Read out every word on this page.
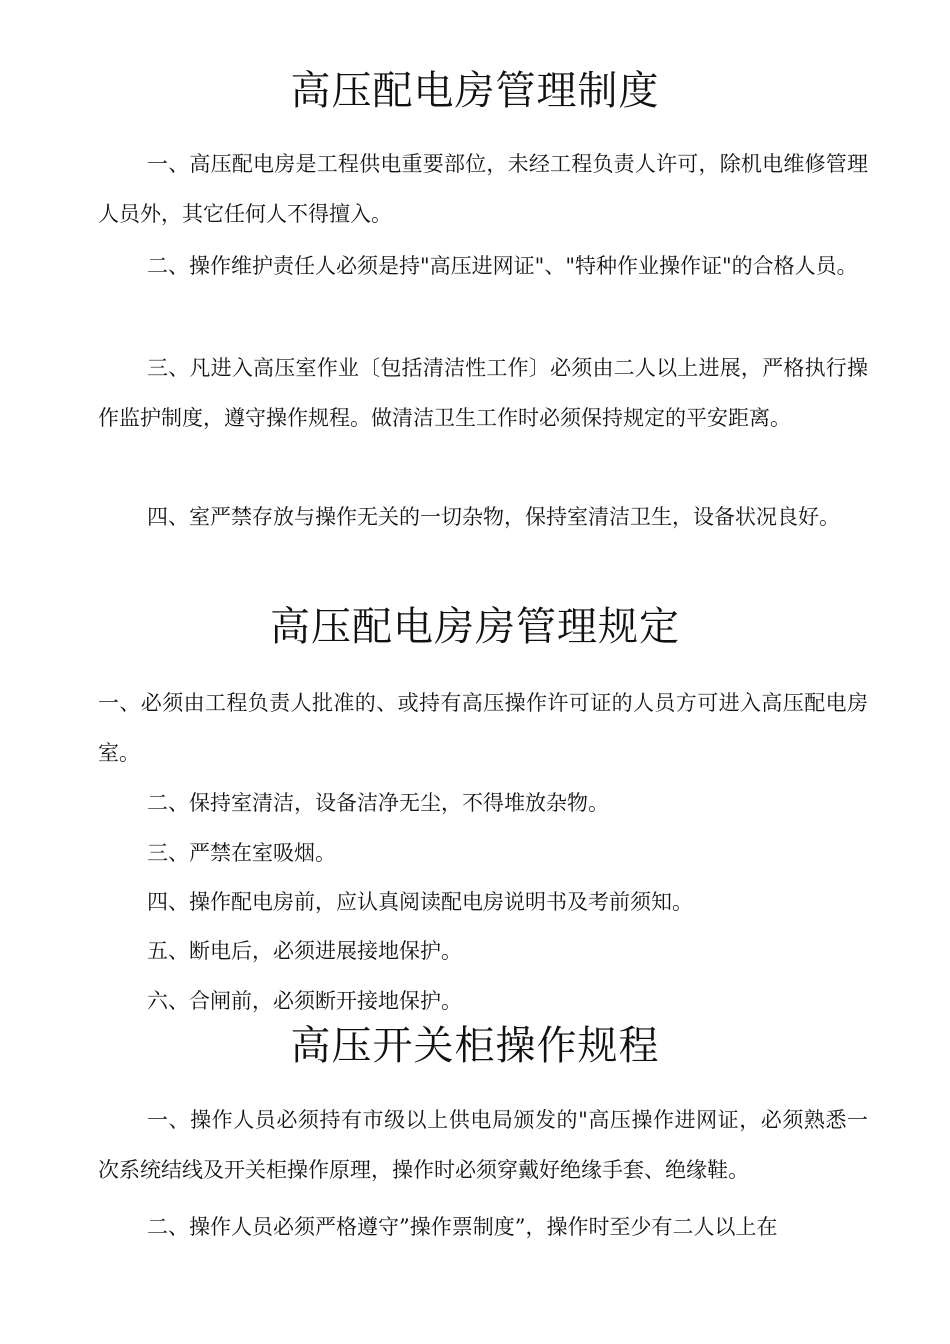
高压配电房管理制度

一、高压配电房是工程供电重要部位，未经工程负责人许可，除机电维修管理人员外，其它任何人不得擅入。

二、操作维护责任人必须是持"高压进网证"、"特种作业操作证"的合格人员。

三、凡进入高压室作业〔包括清洁性工作〕必须由二人以上进展，严格执行操作监护制度，遵守操作规程。做清洁卫生工作时必须保持规定的平安距离。

四、室严禁存放与操作无关的一切杂物，保持室清洁卫生，设备状况良好。

高压配电房房管理规定

一、必须由工程负责人批准的、或持有高压操作许可证的人员方可进入高压配电房室。

二、保持室清洁，设备洁净无尘，不得堆放杂物。

三、严禁在室吸烟。

四、操作配电房前，应认真阅读配电房说明书及考前须知。

五、断电后，必须进展接地保护。

六、合闸前，必须断开接地保护。

高压开关柜操作规程

一、操作人员必须持有市级以上供电局颁发的"高压操作进网证，必须熟悉一次系统结线及开关柜操作原理，操作时必须穿戴好绝缘手套、绝缘鞋。

二、操作人员必须严格遵守”操作票制度”，操作时至少有二人以上在
